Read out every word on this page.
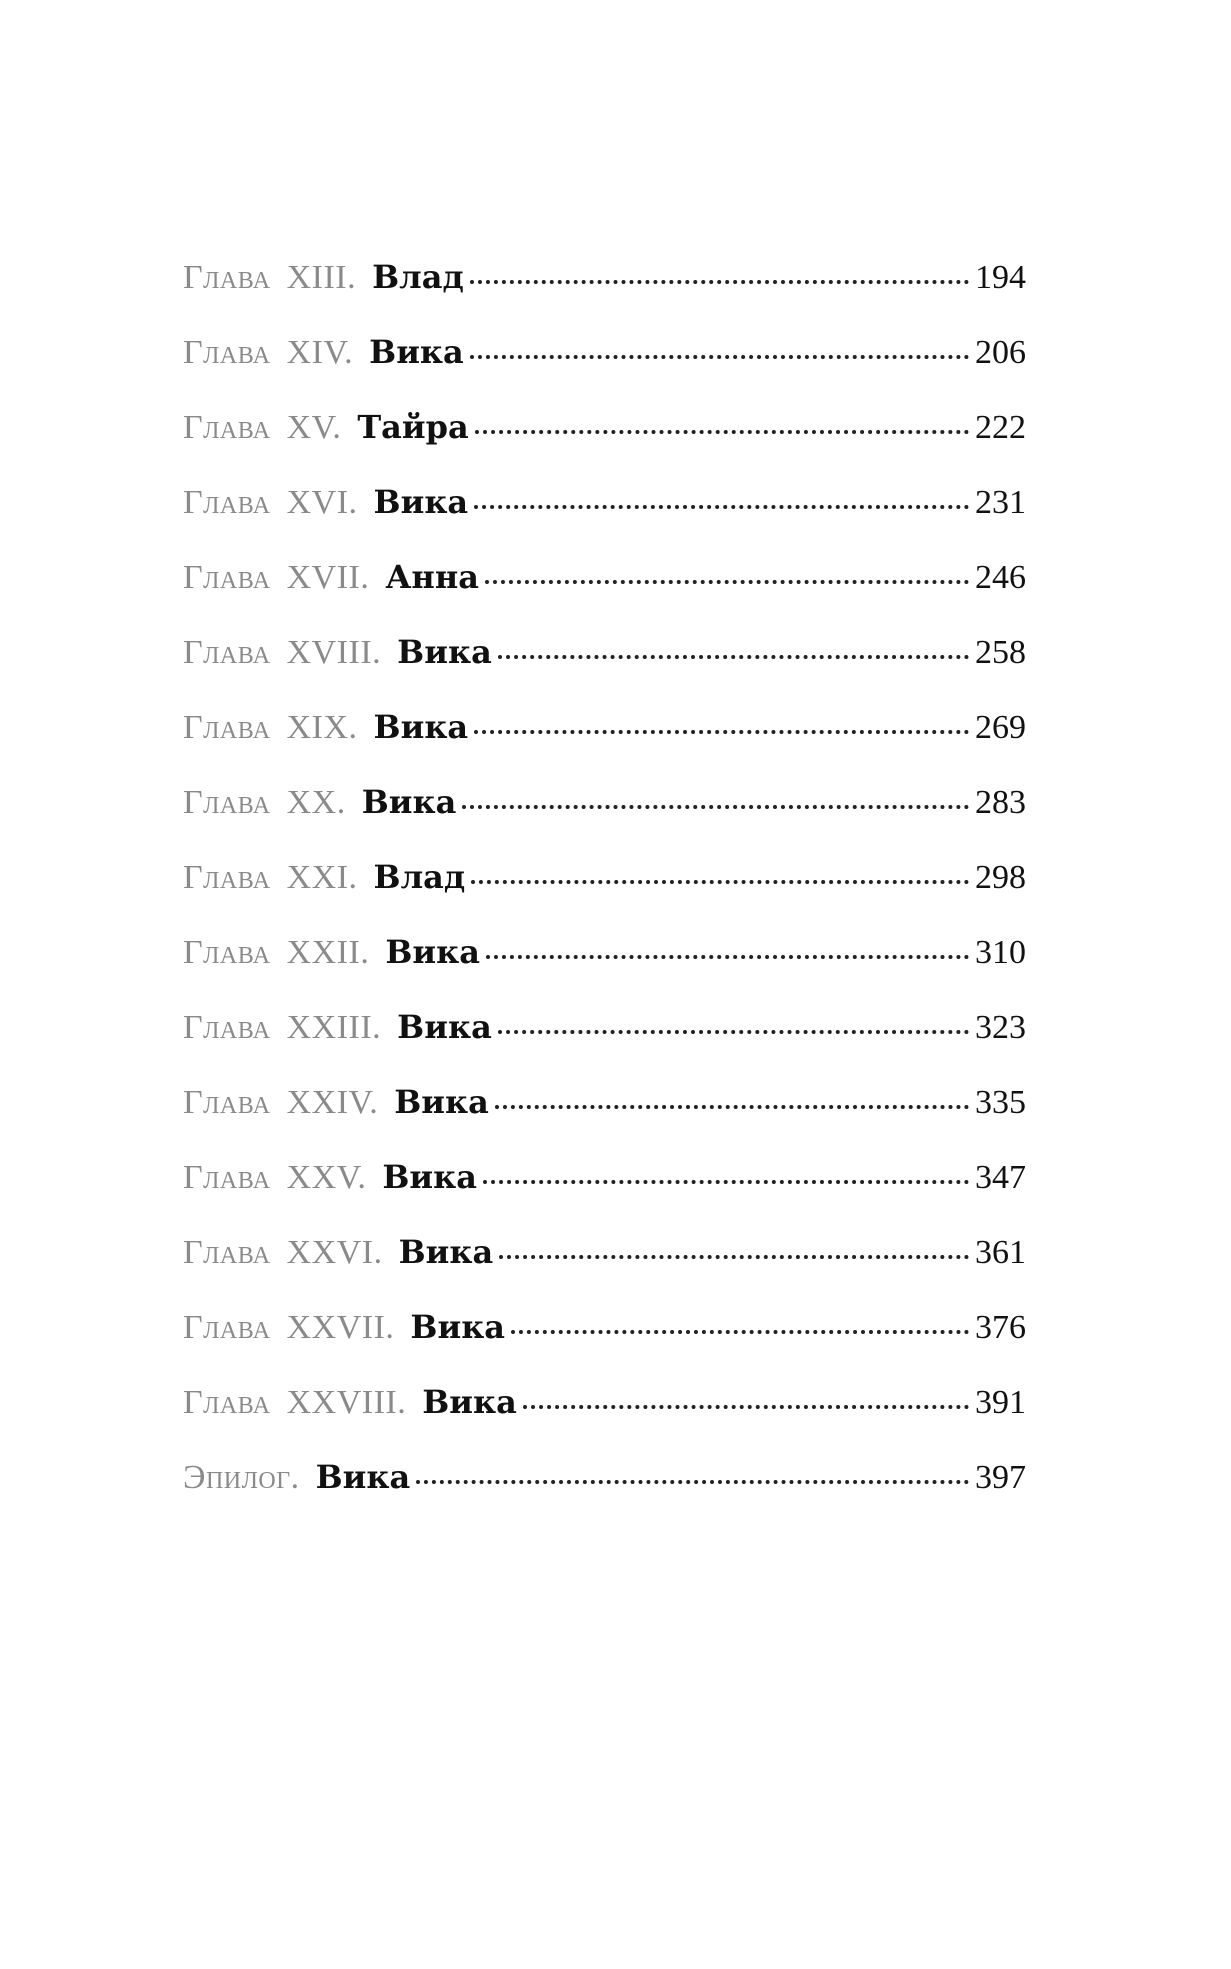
Глава XIII. Влад	194
Глава XIV. Вика	206
Глава XV. Тайра	222
Глава XVI. Вика	231
Глава XVII. Анна	246
Глава XVIII. Вика	258
Глава XIX. Вика	269
Глава XX. Вика	283
Глава XXI. Влад	298
Глава XXII. Вика	310
Глава XXIII. Вика	323
Глава XXIV. Вика	335
Глава XXV. Вика	347
Глава XXVI. Вика	361
Глава XXVII. Вика	376
Глава XXVIII. Вика	391
Эпилог. Вика	397
